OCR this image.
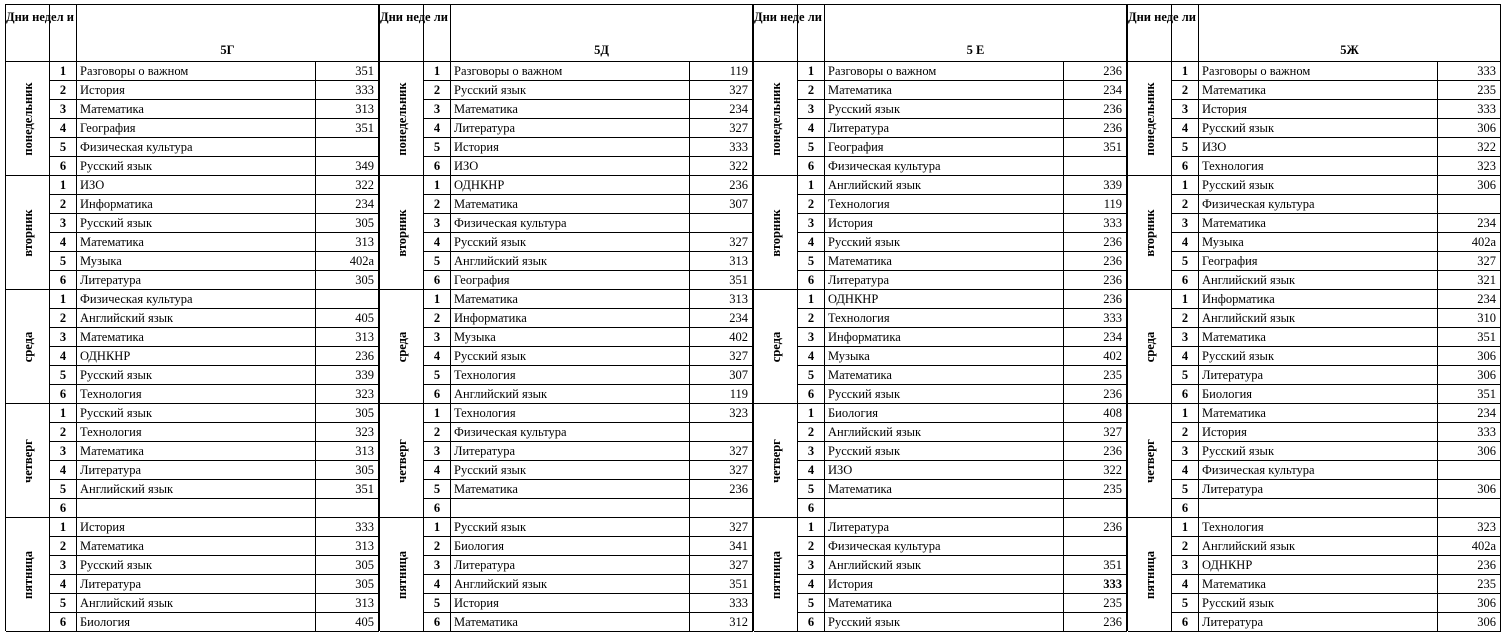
Дни недел и
5Г
понедельник
1	Разговоры о важном	351
2	История	333
3	Математика	313
4	География	351
5	Физическая культура
6	Русский язык	349
вторник
1	ИЗО	322
2	Информатика	234
3	Русский язык	305
4	Математика	313
5	Музыка	402а
6	Литература	305
среда
1	Физическая культура
2	Английский язык	405
3	Математика	313
4	ОДНКНР	236
5	Русский язык	339
6	Технология	323
четверг
1	Русский язык	305
2	Технология	323
3	Математика	313
4	Литература	305
5	Английский язык	351
6
пятница
1	История	333
2	Математика	313
3	Русский язык	305
4	Литература	305
5	Английский язык	313
6	Биология	405
Дни неде ли
5Д
понедельник
1	Разговоры о важном	119
2	Русский язык	327
3	Математика	234
4	Литература	327
5	История	333
6	ИЗО	322
вторник
1	ОДНКНР	236
2	Математика	307
3	Физическая культура
4	Русский язык	327
5	Английский язык	313
6	География	351
среда
1	Математика	313
2	Информатика	234
3	Музыка	402
4	Русский язык	327
5	Технология	307
6	Английский язык	119
четверг
1	Технология	323
2	Физическая культура
3	Литература	327
4	Русский язык	327
5	Математика	236
6
пятница
1	Русский язык	327
2	Биология	341
3	Литература	327
4	Английский язык	351
5	История	333
6	Математика	312
Дни неде ли
5 Е
понедельник
1	Разговоры о важном	236
2	Математика	234
3	Русский язык	236
4	Литература	236
5	География	351
6	Физическая культура
вторник
1	Английский язык	339
2	Технология	119
3	История	333
4	Русский язык	236
5	Математика	236
6	Литература	236
среда
1	ОДНКНР	236
2	Технология	333
3	Информатика	234
4	Музыка	402
5	Математика	235
6	Русский язык	236
четверг
1	Биология	408
2	Английский язык	327
3	Русский язык	236
4	ИЗО	322
5	Математика	235
6
пятница
1	Литература	236
2	Физическая культура
3	Английский язык	351
4	История	333
5	Математика	235
6	Русский язык	236
Дни неде ли
5Ж
понедельник
1	Разговоры о важном	333
2	Математика	235
3	История	333
4	Русский язык	306
5	ИЗО	322
6	Технология	323
вторник
1	Русский язык	306
2	Физическая культура
3	Математика	234
4	Музыка	402а
5	География	327
6	Английский язык	321
среда
1	Информатика	234
2	Английский язык	310
3	Математика	351
4	Русский язык	306
5	Литература	306
6	Биология	351
четверг
1	Математика	234
2	История	333
3	Русский язык	306
4	Физическая культура
5	Литература	306
6
пятница
1	Технология	323
2	Английский язык	402а
3	ОДНКНР	236
4	Математика	235
5	Русский язык	306
6	Литература	306
